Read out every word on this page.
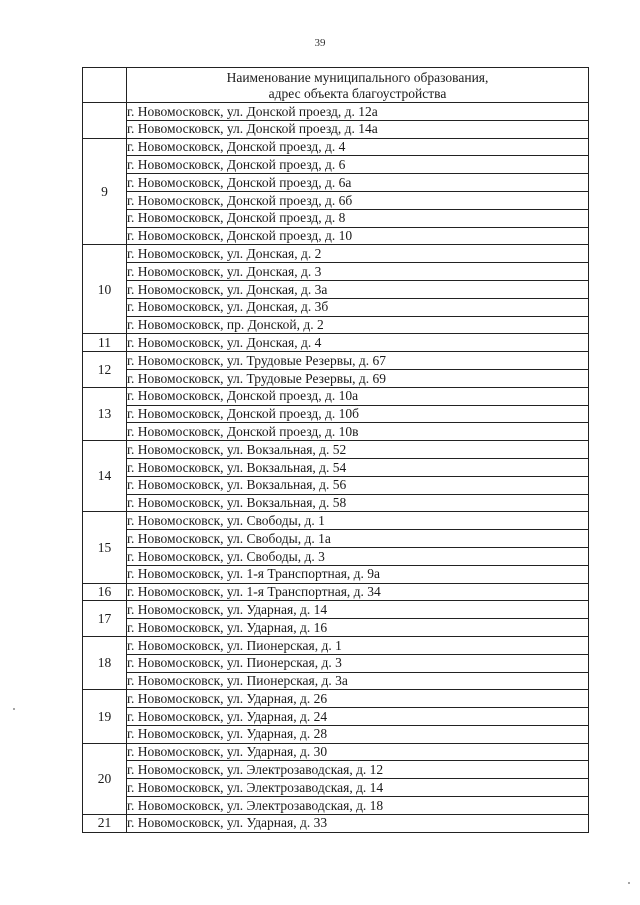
39
	Наименование муниципального образования,
адрес объекта благоустройства
	г. Новомосковск, ул. Донской проезд, д. 12а
	г. Новомосковск, ул. Донской проезд, д. 14а
9	г. Новомосковск, Донской проезд, д. 4
	г. Новомосковск, Донской проезд, д. 6
	г. Новомосковск, Донской проезд, д. 6а
	г. Новомосковск, Донской проезд, д. 6б
	г. Новомосковск, Донской проезд, д. 8
	г. Новомосковск, Донской проезд, д. 10
10	г. Новомосковск, ул. Донская, д. 2
	г. Новомосковск, ул. Донская, д. 3
	г. Новомосковск, ул. Донская, д. 3а
	г. Новомосковск, ул. Донская, д. 3б
	г. Новомосковск, пр. Донской, д. 2
11	г. Новомосковск, ул. Донская, д. 4
12	г. Новомосковск, ул. Трудовые Резервы, д. 67
	г. Новомосковск, ул. Трудовые Резервы, д. 69
13	г. Новомосковск, Донской проезд, д. 10а
	г. Новомосковск, Донской проезд, д. 10б
	г. Новомосковск, Донской проезд, д. 10в
14	г. Новомосковск, ул. Вокзальная, д. 52
	г. Новомосковск, ул. Вокзальная, д. 54
	г. Новомосковск, ул. Вокзальная, д. 56
	г. Новомосковск, ул. Вокзальная, д. 58
15	г. Новомосковск, ул. Свободы, д. 1
	г. Новомосковск, ул. Свободы, д. 1а
	г. Новомосковск, ул. Свободы, д. 3
	г. Новомосковск, ул. 1-я Транспортная, д. 9а
16	г. Новомосковск, ул. 1-я Транспортная, д. 34
17	г. Новомосковск, ул. Ударная, д. 14
	г. Новомосковск, ул. Ударная, д. 16
18	г. Новомосковск, ул. Пионерская, д. 1
	г. Новомосковск, ул. Пионерская, д. 3
	г. Новомосковск, ул. Пионерская, д. 3а
19	г. Новомосковск, ул. Ударная, д. 26
	г. Новомосковск, ул. Ударная, д. 24
	г. Новомосковск, ул. Ударная, д. 28
20	г. Новомосковск, ул. Ударная, д. 30
	г. Новомосковск, ул. Электрозаводская, д. 12
	г. Новомосковск, ул. Электрозаводская, д. 14
	г. Новомосковск, ул. Электрозаводская, д. 18
21	г. Новомосковск, ул. Ударная, д. 33
